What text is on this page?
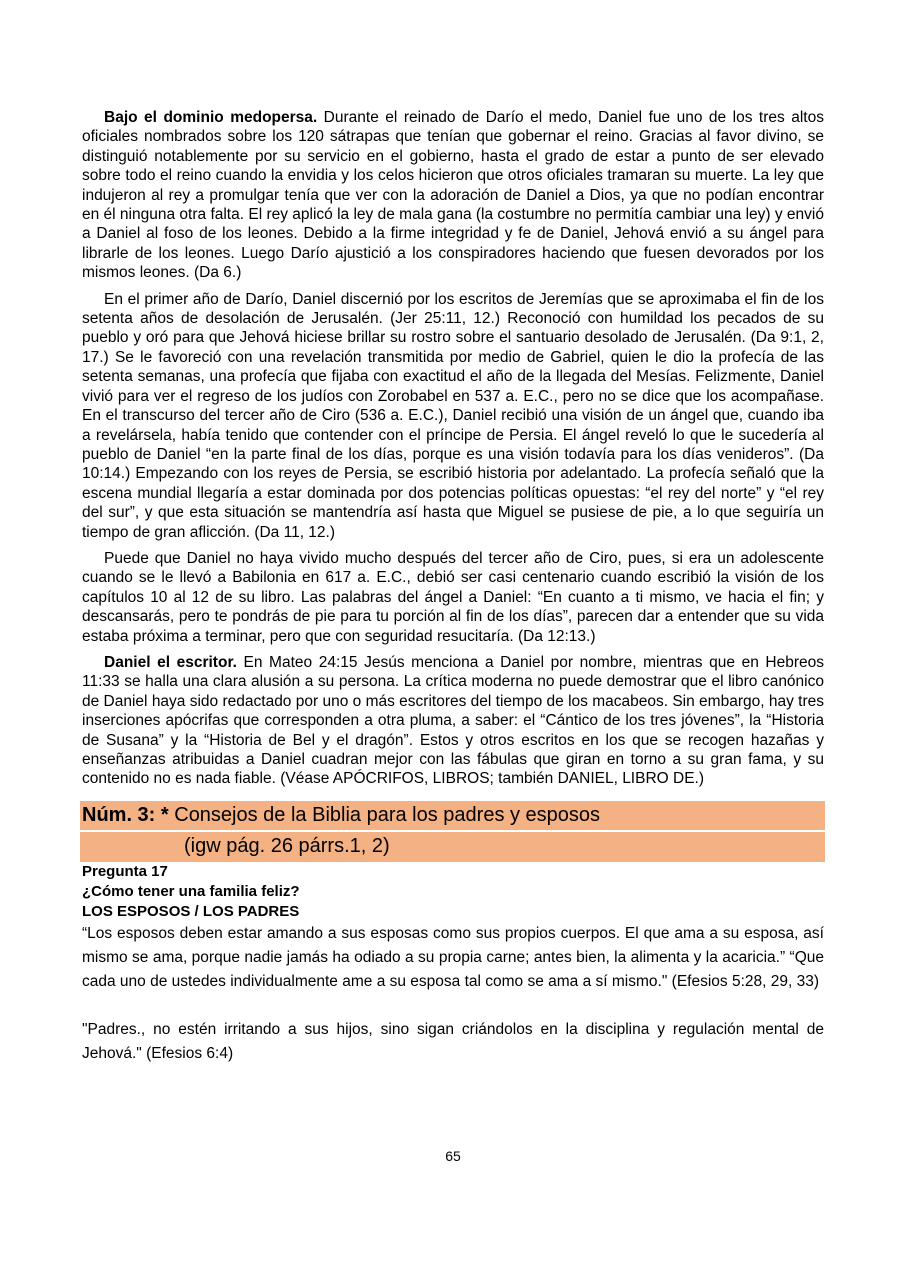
Bajo el dominio medopersa. Durante el reinado de Darío el medo, Daniel fue uno de los tres altos oficiales nombrados sobre los 120 sátrapas que tenían que gobernar el reino. Gracias al favor divino, se distinguió notablemente por su servicio en el gobierno, hasta el grado de estar a punto de ser elevado sobre todo el reino cuando la envidia y los celos hicieron que otros oficiales tramaran su muerte. La ley que indujeron al rey a promulgar tenía que ver con la adoración de Daniel a Dios, ya que no podían encontrar en él ninguna otra falta. El rey aplicó la ley de mala gana (la costumbre no permitía cambiar una ley) y envió a Daniel al foso de los leones. Debido a la firme integridad y fe de Daniel, Jehová envió a su ángel para librarle de los leones. Luego Darío ajustició a los conspiradores haciendo que fuesen devorados por los mismos leones. (Da 6.)

En el primer año de Darío, Daniel discernió por los escritos de Jeremías que se aproximaba el fin de los setenta años de desolación de Jerusalén. (Jer 25:11, 12.) Reconoció con humildad los pecados de su pueblo y oró para que Jehová hiciese brillar su rostro sobre el santuario desolado de Jerusalén. (Da 9:1, 2, 17.) Se le favoreció con una revelación transmitida por medio de Gabriel, quien le dio la profecía de las setenta semanas, una profecía que fijaba con exactitud el año de la llegada del Mesías. Felizmente, Daniel vivió para ver el regreso de los judíos con Zorobabel en 537 a. E.C., pero no se dice que los acompañase. En el transcurso del tercer año de Ciro (536 a. E.C.), Daniel recibió una visión de un ángel que, cuando iba a revelársela, había tenido que contender con el príncipe de Persia. El ángel reveló lo que le sucedería al pueblo de Daniel “en la parte final de los días, porque es una visión todavía para los días venideros”. (Da 10:14.) Empezando con los reyes de Persia, se escribió historia por adelantado. La profecía señaló que la escena mundial llegaría a estar dominada por dos potencias políticas opuestas: “el rey del norte” y “el rey del sur”, y que esta situación se mantendría así hasta que Miguel se pusiese de pie, a lo que seguiría un tiempo de gran aflicción. (Da 11, 12.)

Puede que Daniel no haya vivido mucho después del tercer año de Ciro, pues, si era un adolescente cuando se le llevó a Babilonia en 617 a. E.C., debió ser casi centenario cuando escribió la visión de los capítulos 10 al 12 de su libro. Las palabras del ángel a Daniel: “En cuanto a ti mismo, ve hacia el fin; y descansarás, pero te pondrás de pie para tu porción al fin de los días”, parecen dar a entender que su vida estaba próxima a terminar, pero que con seguridad resucitaría. (Da 12:13.)

Daniel el escritor. En Mateo 24:15 Jesús menciona a Daniel por nombre, mientras que en Hebreos 11:33 se halla una clara alusión a su persona. La crítica moderna no puede demostrar que el libro canónico de Daniel haya sido redactado por uno o más escritores del tiempo de los macabeos. Sin embargo, hay tres inserciones apócrifas que corresponden a otra pluma, a saber: el “Cántico de los tres jóvenes”, la “Historia de Susana” y la “Historia de Bel y el dragón”. Estos y otros escritos en los que se recogen hazañas y enseñanzas atribuidas a Daniel cuadran mejor con las fábulas que giran en torno a su gran fama, y su contenido no es nada fiable. (Véase APÓCRIFOS, LIBROS; también DANIEL, LIBRO DE.)

Núm. 3: * Consejos de la Biblia para los padres y esposos
(igw pág. 26 párrs.1, 2)

Pregunta 17

¿Cómo tener una familia feliz?

LOS ESPOSOS / LOS PADRES

“Los esposos deben estar amando a sus esposas como sus propios cuerpos. El que ama a su esposa, así mismo se ama, porque nadie jamás ha odiado a su propia carne; antes bien, la alimenta y la acaricia.” “Que cada uno de ustedes individualmente ame a su esposa tal como se ama a sí mismo." (Efesios 5:28, 29, 33)

"Padres., no estén irritando a sus hijos, sino sigan criándolos en la disciplina y regulación mental de Jehová." (Efesios 6:4)

65
